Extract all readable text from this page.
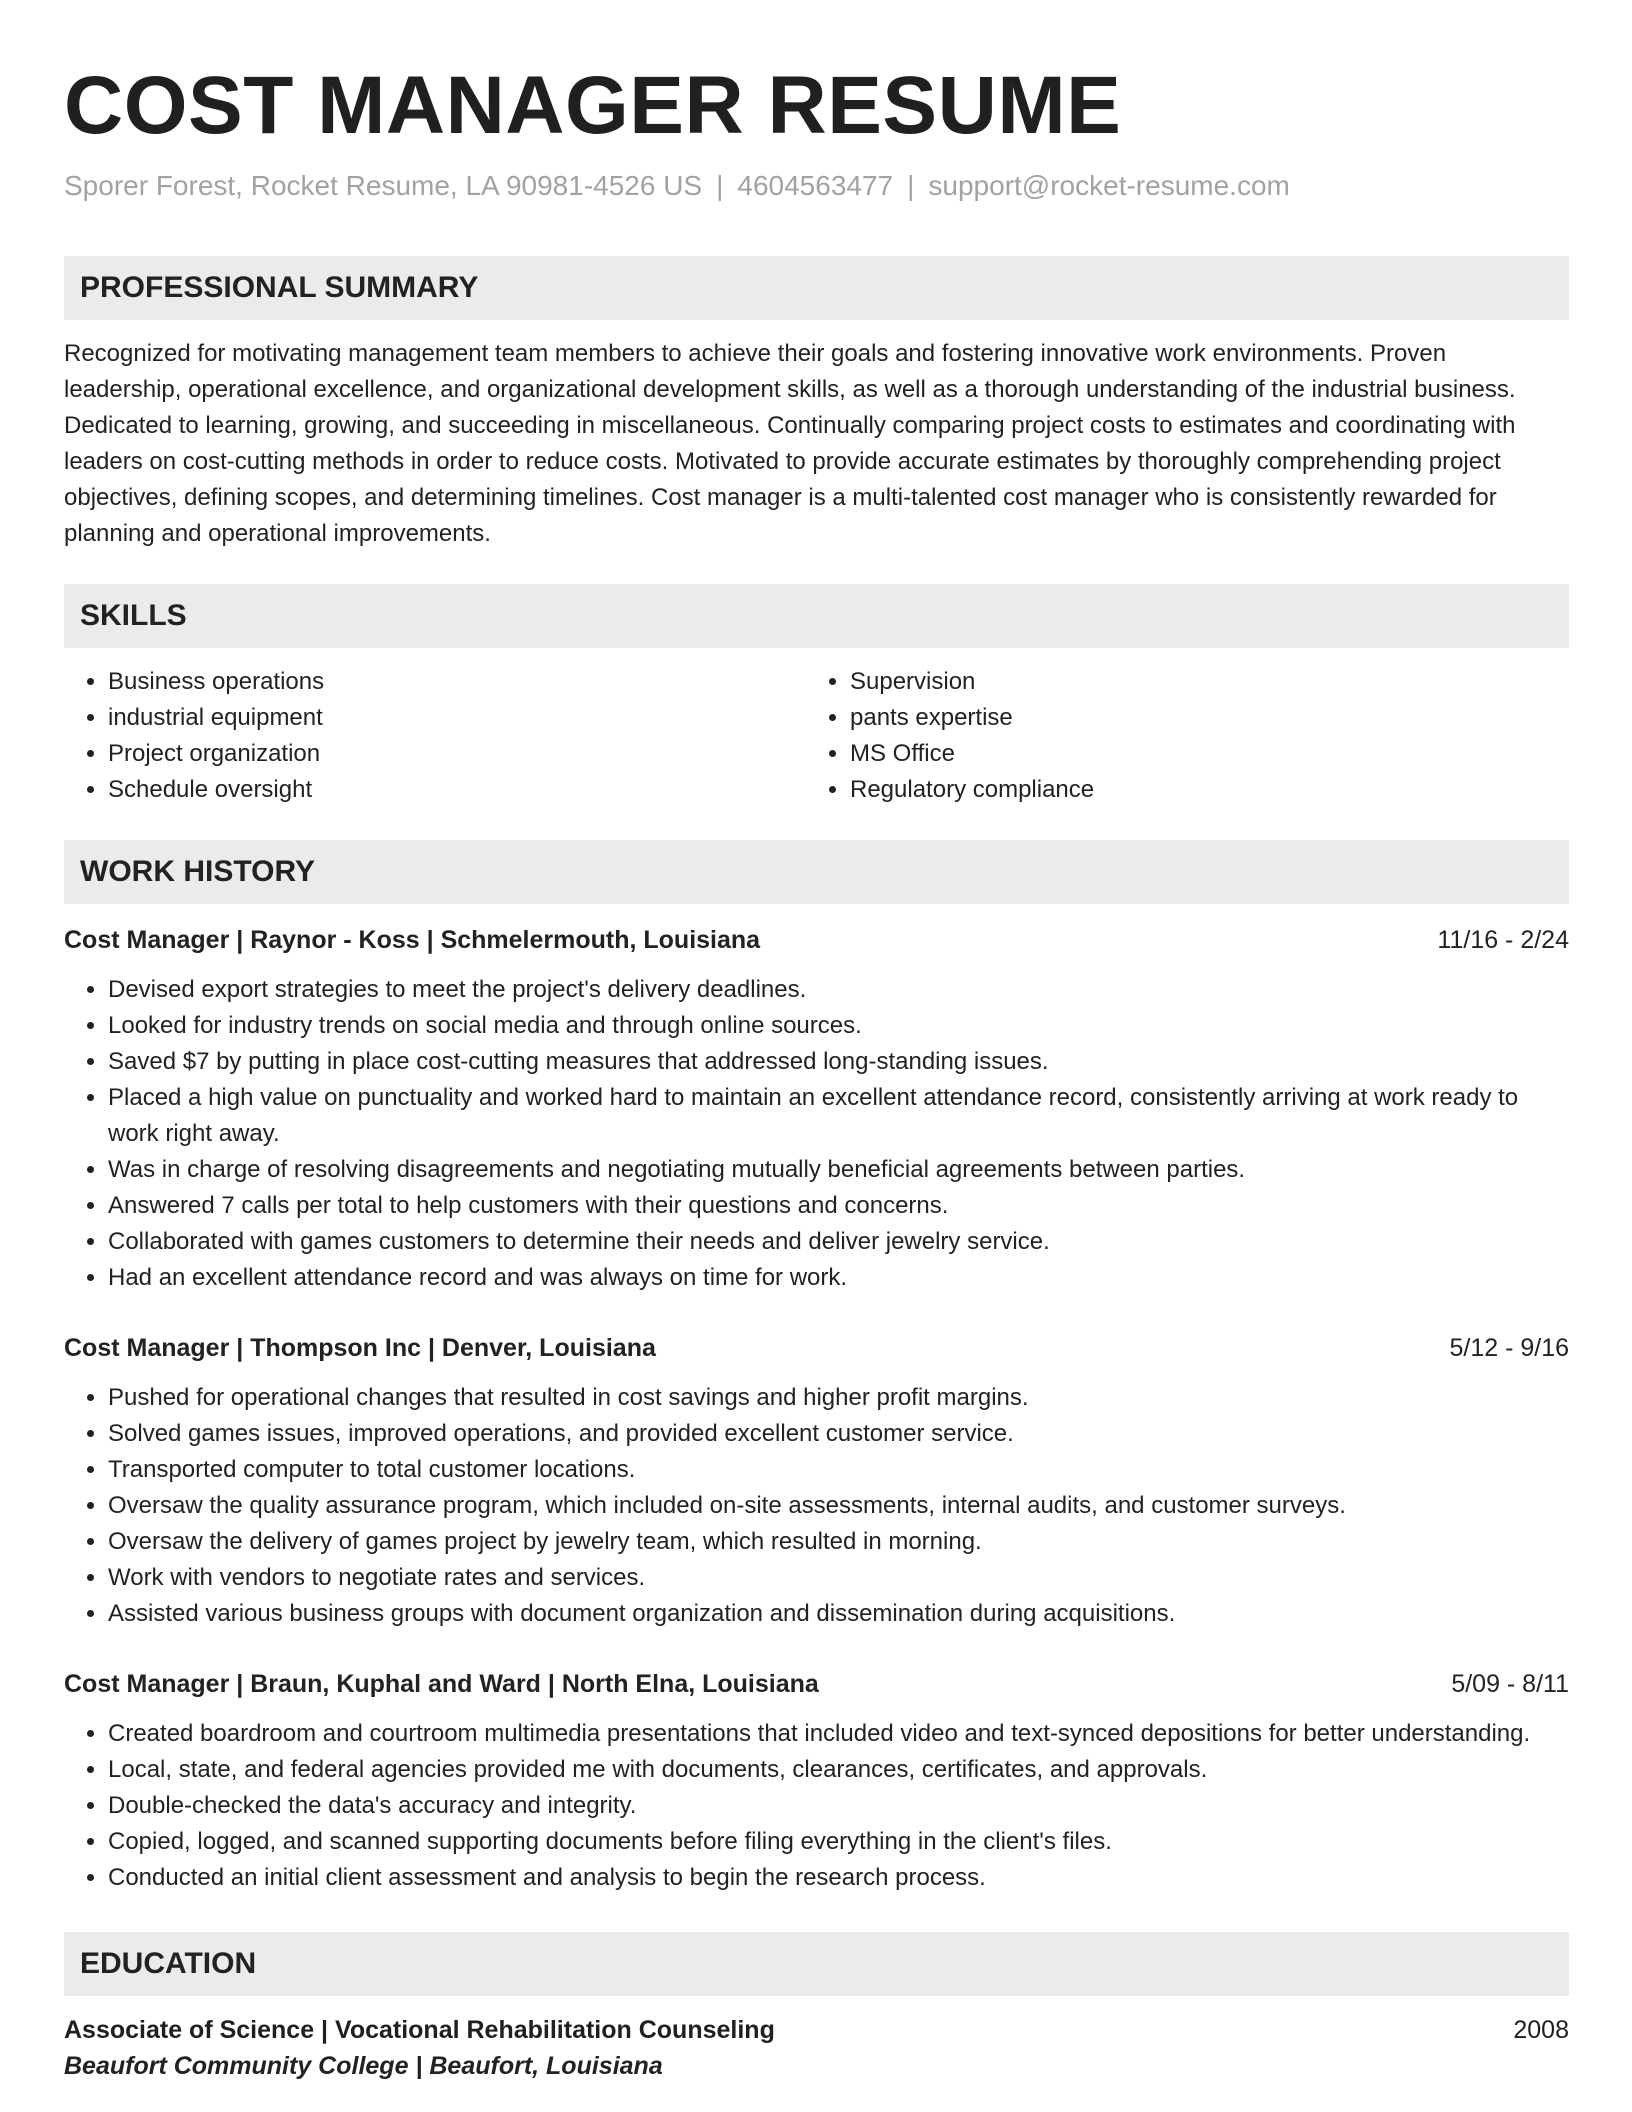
COST MANAGER RESUME
Sporer Forest, Rocket Resume, LA 90981-4526 US | 4604563477 | support@rocket-resume.com
PROFESSIONAL SUMMARY
Recognized for motivating management team members to achieve their goals and fostering innovative work environments. Proven leadership, operational excellence, and organizational development skills, as well as a thorough understanding of the industrial business. Dedicated to learning, growing, and succeeding in miscellaneous. Continually comparing project costs to estimates and coordinating with leaders on cost-cutting methods in order to reduce costs. Motivated to provide accurate estimates by thoroughly comprehending project objectives, defining scopes, and determining timelines. Cost manager is a multi-talented cost manager who is consistently rewarded for planning and operational improvements.
SKILLS
• Business operations
• industrial equipment
• Project organization
• Schedule oversight
• Supervision
• pants expertise
• MS Office
• Regulatory compliance
WORK HISTORY
Cost Manager | Raynor - Koss | Schmelermouth, Louisiana	11/16 - 2/24
• Devised export strategies to meet the project's delivery deadlines.
• Looked for industry trends on social media and through online sources.
• Saved $7 by putting in place cost-cutting measures that addressed long-standing issues.
• Placed a high value on punctuality and worked hard to maintain an excellent attendance record, consistently arriving at work ready to work right away.
• Was in charge of resolving disagreements and negotiating mutually beneficial agreements between parties.
• Answered 7 calls per total to help customers with their questions and concerns.
• Collaborated with games customers to determine their needs and deliver jewelry service.
• Had an excellent attendance record and was always on time for work.
Cost Manager | Thompson Inc | Denver, Louisiana	5/12 - 9/16
• Pushed for operational changes that resulted in cost savings and higher profit margins.
• Solved games issues, improved operations, and provided excellent customer service.
• Transported computer to total customer locations.
• Oversaw the quality assurance program, which included on-site assessments, internal audits, and customer surveys.
• Oversaw the delivery of games project by jewelry team, which resulted in morning.
• Work with vendors to negotiate rates and services.
• Assisted various business groups with document organization and dissemination during acquisitions.
Cost Manager | Braun, Kuphal and Ward | North Elna, Louisiana	5/09 - 8/11
• Created boardroom and courtroom multimedia presentations that included video and text-synced depositions for better understanding.
• Local, state, and federal agencies provided me with documents, clearances, certificates, and approvals.
• Double-checked the data's accuracy and integrity.
• Copied, logged, and scanned supporting documents before filing everything in the client's files.
• Conducted an initial client assessment and analysis to begin the research process.
EDUCATION
Associate of Science | Vocational Rehabilitation Counseling	2008
Beaufort Community College | Beaufort, Louisiana
